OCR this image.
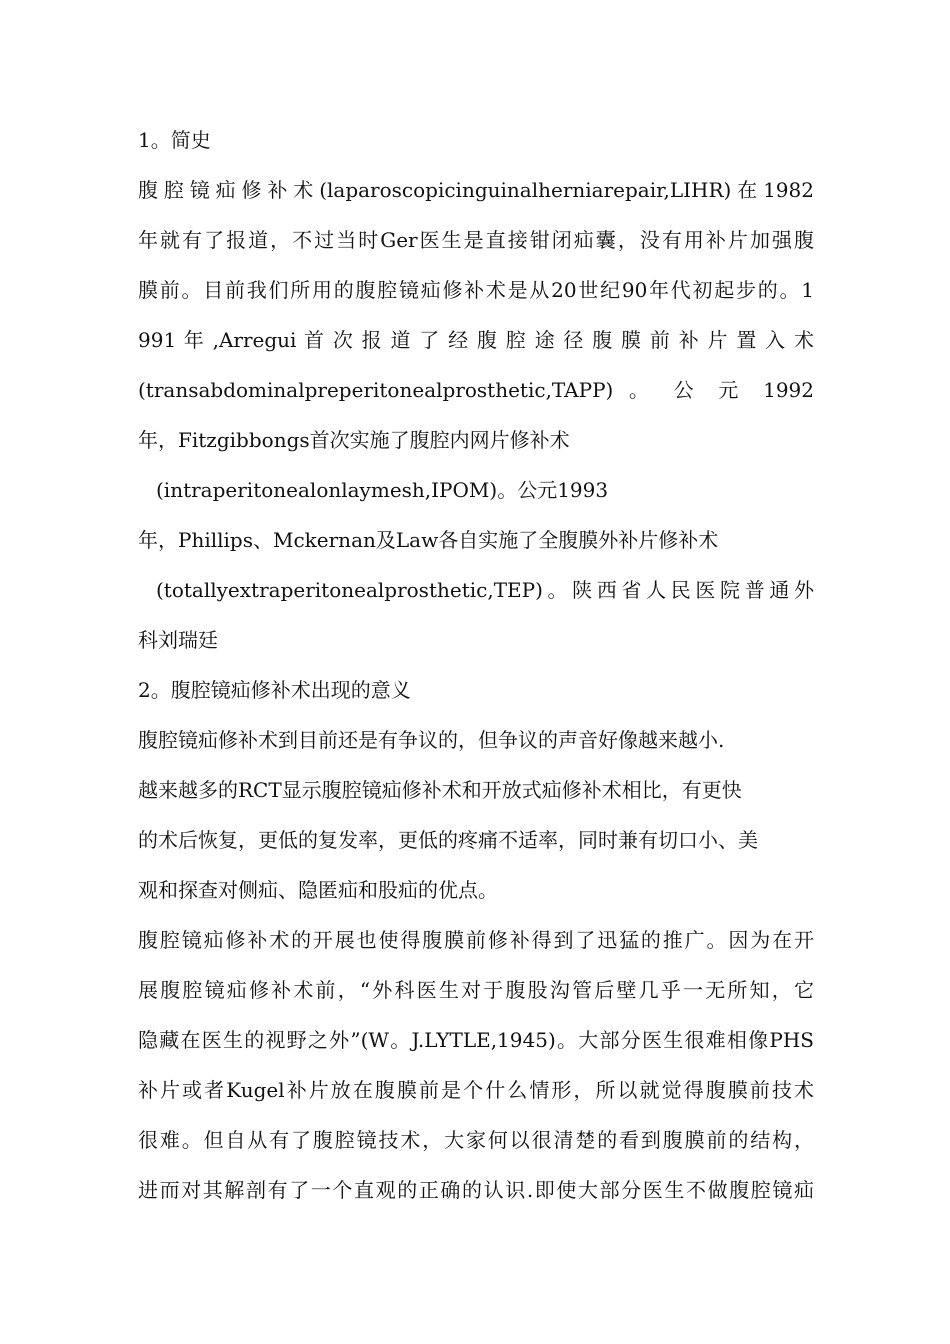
1。简史
腹腔镜疝修补术(laparoscopicinguinalherniarepair,LIHR)在1982
年就有了报道，不过当时Ger医生是直接钳闭疝囊，没有用补片加强腹
膜前。目前我们所用的腹腔镜疝修补术是从20世纪90年代初起步的。1
991 年 ,Arregui 首 次 报 道 了 经 腹 腔 途 径 腹 膜 前 补 片 置 入 术
(transabdominalpreperitonealprosthetic,TAPP) 。 公 元 1992
年，Fitzgibbongs首次实施了腹腔内网片修补术
(intraperitonealonlaymesh,IPOM)。公元1993
年，Phillips、Mckernan及Law各自实施了全腹膜外补片修补术
(totallyextraperitonealprosthetic,TEP)。陕西省人民医院普通外
科刘瑞廷
2。腹腔镜疝修补术出现的意义
腹腔镜疝修补术到目前还是有争议的，但争议的声音好像越来越小.
越来越多的RCT显示腹腔镜疝修补术和开放式疝修补术相比，有更快
的术后恢复，更低的复发率，更低的疼痛不适率，同时兼有切口小、美
观和探查对侧疝、隐匿疝和股疝的优点。
腹腔镜疝修补术的开展也使得腹膜前修补得到了迅猛的推广。因为在开
展腹腔镜疝修补术前，“外科医生对于腹股沟管后壁几乎一无所知，它
隐藏在医生的视野之外”(W。J.LYTLE,1945)。大部分医生很难相像PHS
补片或者Kugel补片放在腹膜前是个什么情形，所以就觉得腹膜前技术
很难。但自从有了腹腔镜技术，大家何以很清楚的看到腹膜前的结构，
进而对其解剖有了一个直观的正确的认识.即使大部分医生不做腹腔镜疝
